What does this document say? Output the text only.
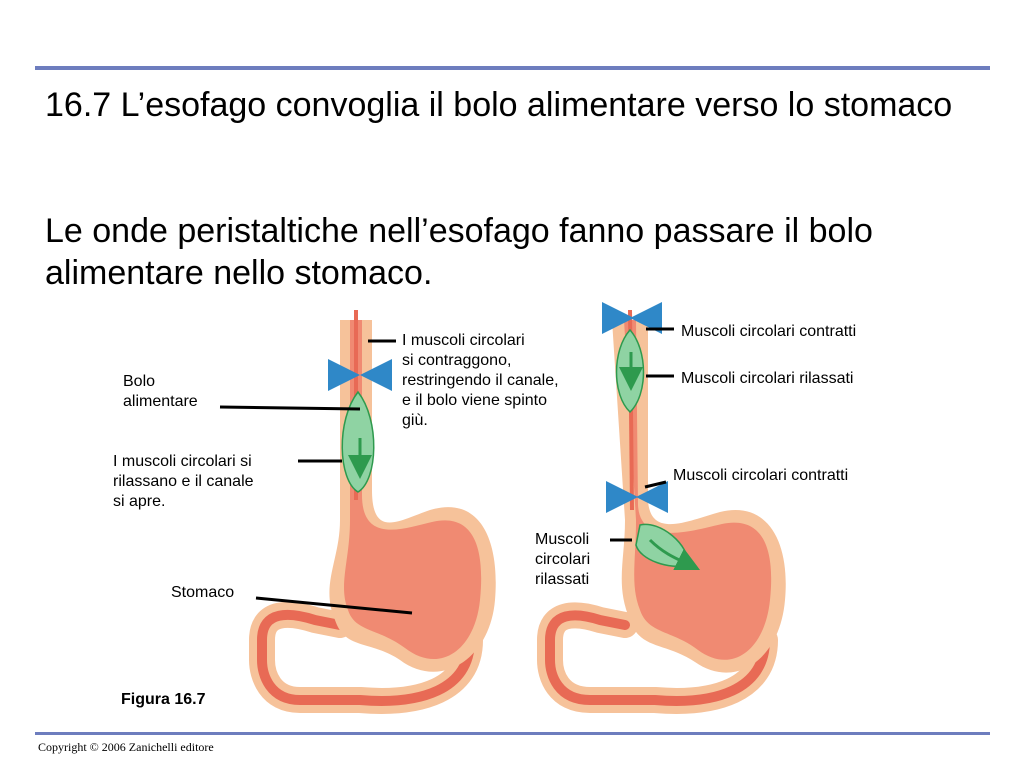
16.7 L’esofago convoglia il bolo alimentare verso lo stomaco

Le onde peristaltiche nell’esofago fanno passare il bolo alimentare nello stomaco.

I muscoli circolari
si contraggono,
restringendo il canale,
e il bolo viene spinto
giù.
Bolo
alimentare
I muscoli circolari si
rilassano e il canale
si apre.
Stomaco
Figura 16.7
Muscoli circolari contratti
Muscoli circolari rilassati
Muscoli circolari contratti
Muscoli
circolari
rilassati
Copyright © 2006 Zanichelli editore
